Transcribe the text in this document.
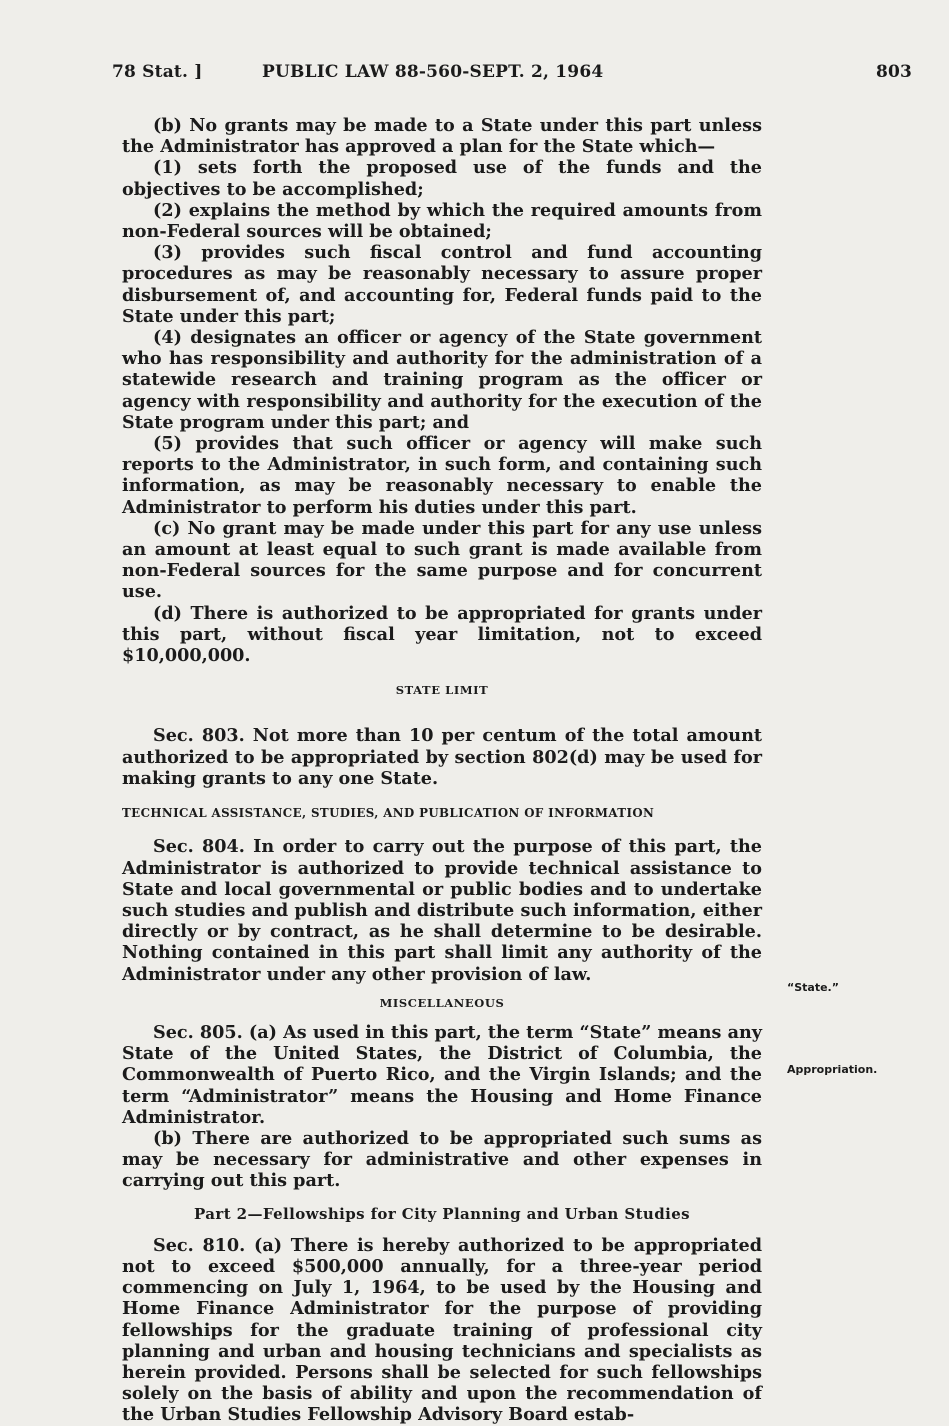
78 Stat. ]	PUBLIC LAW 88-560-SEPT. 2, 1964	803

(b) No grants may be made to a State under this part unless the Administrator has approved a plan for the State which—

(1) sets forth the proposed use of the funds and the objectives to be accomplished;

(2) explains the method by which the required amounts from non-Federal sources will be obtained;

(3) provides such fiscal control and fund accounting procedures as may be reasonably necessary to assure proper disbursement of, and accounting for, Federal funds paid to the State under this part;

(4) designates an officer or agency of the State government who has responsibility and authority for the administration of a statewide research and training program as the officer or agency with responsibility and authority for the execution of the State program under this part; and

(5) provides that such officer or agency will make such reports to the Administrator, in such form, and containing such information, as may be reasonably necessary to enable the Administrator to perform his duties under this part.

(c) No grant may be made under this part for any use unless an amount at least equal to such grant is made available from non-Federal sources for the same purpose and for concurrent use.

(d) There is authorized to be appropriated for grants under this part, without fiscal year limitation, not to exceed $10,000,000.

STATE LIMIT

Sec. 803. Not more than 10 per centum of the total amount authorized to be appropriated by section 802(d) may be used for making grants to any one State.

TECHNICAL ASSISTANCE, STUDIES, AND PUBLICATION OF INFORMATION

Sec. 804. In order to carry out the purpose of this part, the Administrator is authorized to provide technical assistance to State and local governmental or public bodies and to undertake such studies and publish and distribute such information, either directly or by contract, as he shall determine to be desirable. Nothing contained in this part shall limit any authority of the Administrator under any other provision of law.

MISCELLANEOUS

Sec. 805. (a) As used in this part, the term “State” means any State of the United States, the District of Columbia, the Commonwealth of Puerto Rico, and the Virgin Islands; and the term “Administrator” means the Housing and Home Finance Administrator.

(b) There are authorized to be appropriated such sums as may be necessary for administrative and other expenses in carrying out this part.

Part 2—Fellowships for City Planning and Urban Studies

Sec. 810. (a) There is hereby authorized to be appropriated not to exceed $500,000 annually, for a three-year period commencing on July 1, 1964, to be used by the Housing and Home Finance Administrator for the purpose of providing fellowships for the graduate training of professional city planning and urban and housing technicians and specialists as herein provided. Persons shall be selected for such fellowships solely on the basis of ability and upon the recommendation of the Urban Studies Fellowship Advisory Board estab-

“State.”
Appropriation.
